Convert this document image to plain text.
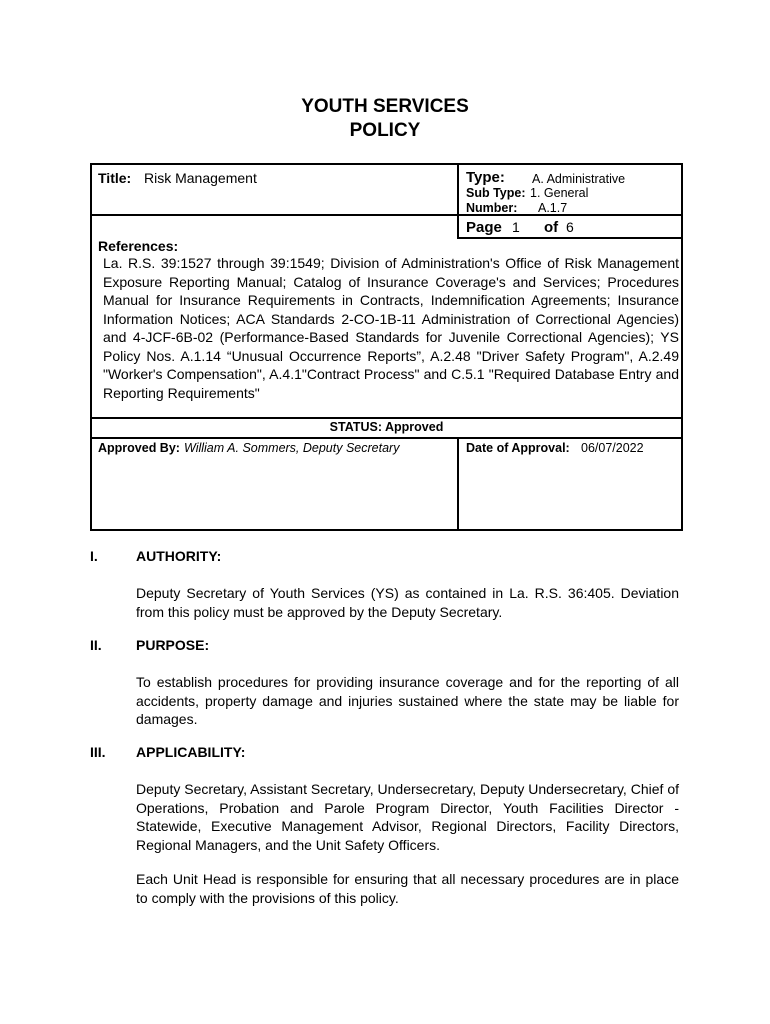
YOUTH SERVICES
POLICY
Title: Risk Management	Type: A. Administrative
Sub Type: 1. General
Number: A.1.7
Page 1 of 6
References:
La. R.S. 39:1527 through 39:1549; Division of Administration's Office of Risk Management Exposure Reporting Manual; Catalog of Insurance Coverage's and Services; Procedures Manual for Insurance Requirements in Contracts, Indemnification Agreements; Insurance Information Notices; ACA Standards 2-CO-1B-11 Administration of Correctional Agencies) and 4-JCF-6B-02 (Performance-Based Standards for Juvenile Correctional Agencies); YS Policy Nos. A.1.14 “Unusual Occurrence Reports”, A.2.48 "Driver Safety Program", A.2.49 "Worker's Compensation", A.4.1"Contract Process" and C.5.1 "Required Database Entry and Reporting Requirements"
STATUS: Approved
Approved By: William A. Sommers, Deputy Secretary	Date of Approval: 06/07/2022
I.	AUTHORITY:
Deputy Secretary of Youth Services (YS) as contained in La. R.S. 36:405. Deviation from this policy must be approved by the Deputy Secretary.
II. PURPOSE:
To establish procedures for providing insurance coverage and for the reporting of all accidents, property damage and injuries sustained where the state may be liable for damages.
III. APPLICABILITY:
Deputy Secretary, Assistant Secretary, Undersecretary, Deputy Undersecretary, Chief of Operations, Probation and Parole Program Director, Youth Facilities Director - Statewide, Executive Management Advisor, Regional Directors, Facility Directors, Regional Managers, and the Unit Safety Officers.
Each Unit Head is responsible for ensuring that all necessary procedures are in place to comply with the provisions of this policy.
